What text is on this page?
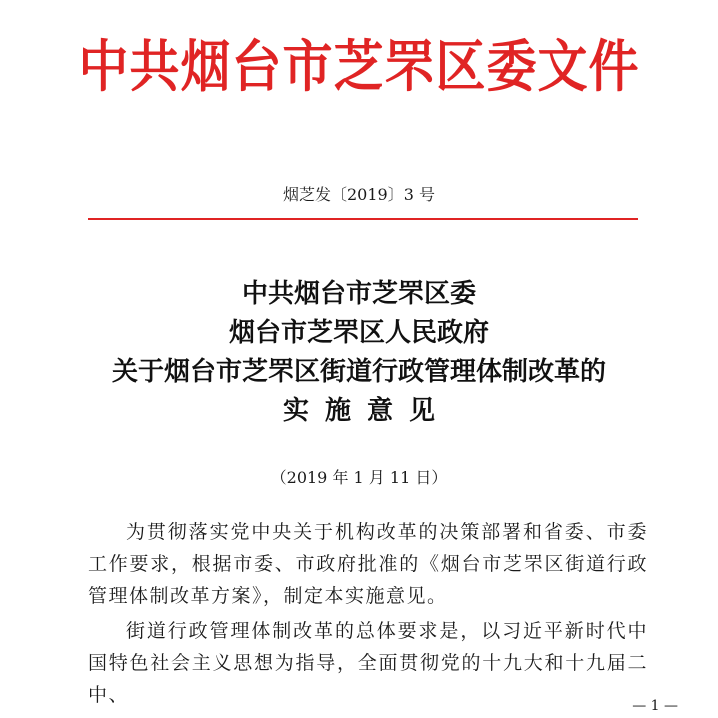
中共烟台市芝罘区委文件
烟芝发〔2019〕3 号
中共烟台市芝罘区委
烟台市芝罘区人民政府
关于烟台市芝罘区街道行政管理体制改革的
实施意见
（2019 年 1 月 11 日）

为贯彻落实党中央关于机构改革的决策部署和省委、市委工作要求，根据市委、市政府批准的《烟台市芝罘区街道行政管理体制改革方案》，制定本实施意见。

街道行政管理体制改革的总体要求是，以习近平新时代中国特色社会主义思想为指导，全面贯彻党的十九大和十九届二中、	— 1 —
